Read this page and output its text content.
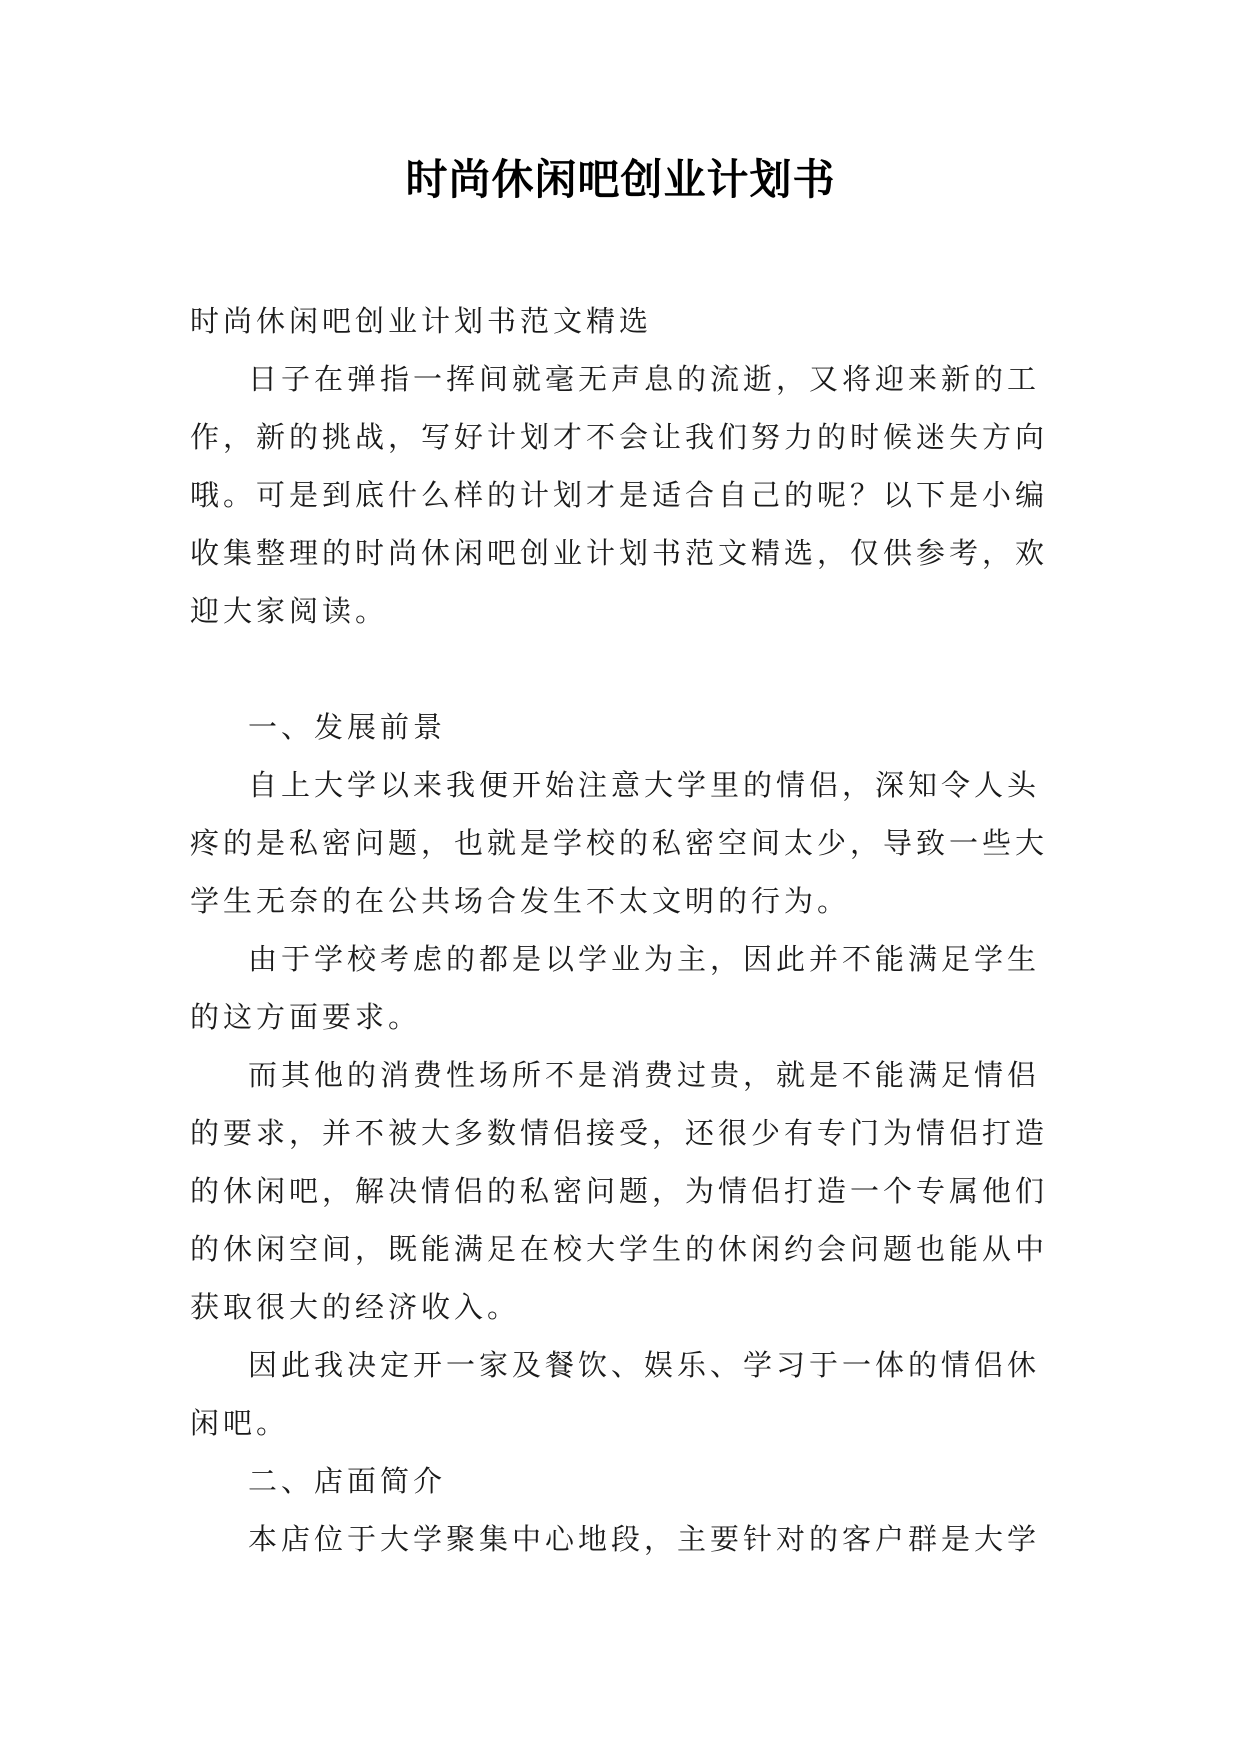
时尚休闲吧创业计划书

时尚休闲吧创业计划书范文精选

日子在弹指一挥间就毫无声息的流逝，又将迎来新的工作，新的挑战，写好计划才不会让我们努力的时候迷失方向哦。可是到底什么样的计划才是适合自己的呢？以下是小编收集整理的时尚休闲吧创业计划书范文精选，仅供参考，欢迎大家阅读。

一、发展前景

自上大学以来我便开始注意大学里的情侣，深知令人头疼的是私密问题，也就是学校的私密空间太少，导致一些大学生无奈的在公共场合发生不太文明的行为。

由于学校考虑的都是以学业为主，因此并不能满足学生的这方面要求。

而其他的消费性场所不是消费过贵，就是不能满足情侣的要求，并不被大多数情侣接受，还很少有专门为情侣打造的休闲吧，解决情侣的私密问题，为情侣打造一个专属他们的休闲空间，既能满足在校大学生的休闲约会问题也能从中获取很大的经济收入。

因此我决定开一家及餐饮、娱乐、学习于一体的情侣休闲吧。

二、店面简介

本店位于大学聚集中心地段，主要针对的客户群是大学
